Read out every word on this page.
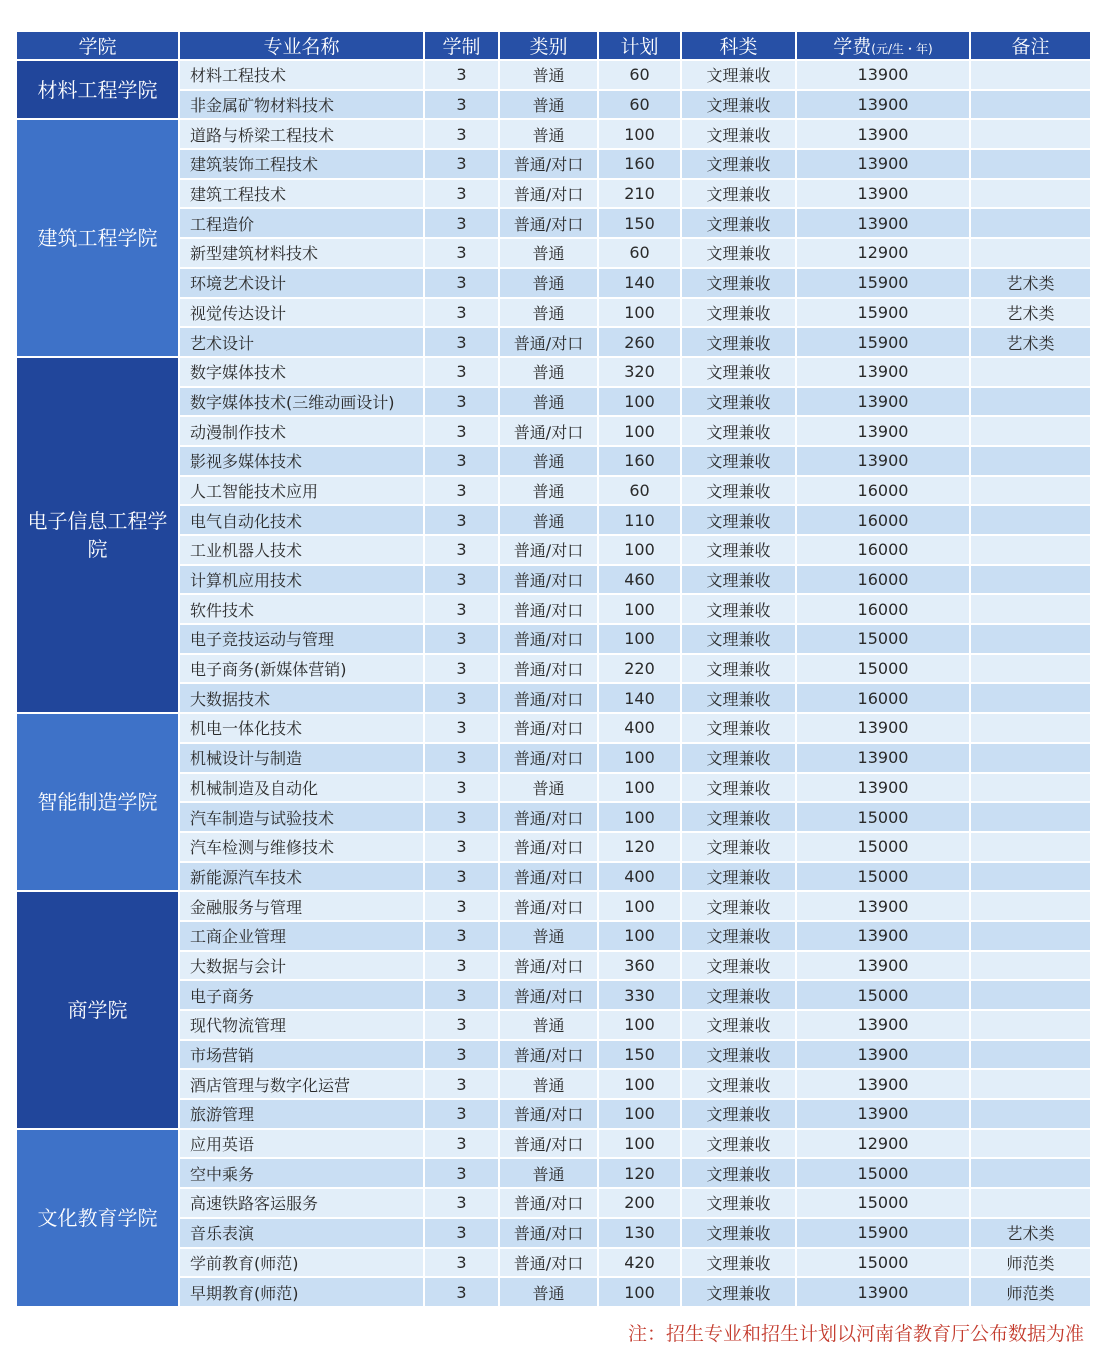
学院	专业名称	学制	类别	计划	科类	学费(元/生・年)	备注
材料工程学院	材料工程技术	3	普通	60	文理兼收	13900	
	非金属矿物材料技术	3	普通	60	文理兼收	13900	
建筑工程学院	道路与桥梁工程技术	3	普通	100	文理兼收	13900	
	建筑装饰工程技术	3	普通/对口	160	文理兼收	13900	
	建筑工程技术	3	普通/对口	210	文理兼收	13900	
	工程造价	3	普通/对口	150	文理兼收	13900	
	新型建筑材料技术	3	普通	60	文理兼收	12900	
	环境艺术设计	3	普通	140	文理兼收	15900	艺术类
	视觉传达设计	3	普通	100	文理兼收	15900	艺术类
	艺术设计	3	普通/对口	260	文理兼收	15900	艺术类
电子信息工程学院	数字媒体技术	3	普通	320	文理兼收	13900	
	数字媒体技术(三维动画设计)	3	普通	100	文理兼收	13900	
	动漫制作技术	3	普通/对口	100	文理兼收	13900	
	影视多媒体技术	3	普通	160	文理兼收	13900	
	人工智能技术应用	3	普通	60	文理兼收	16000	
	电气自动化技术	3	普通	110	文理兼收	16000	
	工业机器人技术	3	普通/对口	100	文理兼收	16000	
	计算机应用技术	3	普通/对口	460	文理兼收	16000	
	软件技术	3	普通/对口	100	文理兼收	16000	
	电子竞技运动与管理	3	普通/对口	100	文理兼收	15000	
	电子商务(新媒体营销)	3	普通/对口	220	文理兼收	15000	
	大数据技术	3	普通/对口	140	文理兼收	16000	
智能制造学院	机电一体化技术	3	普通/对口	400	文理兼收	13900	
	机械设计与制造	3	普通/对口	100	文理兼收	13900	
	机械制造及自动化	3	普通	100	文理兼收	13900	
	汽车制造与试验技术	3	普通/对口	100	文理兼收	15000	
	汽车检测与维修技术	3	普通/对口	120	文理兼收	15000	
	新能源汽车技术	3	普通/对口	400	文理兼收	15000	
商学院	金融服务与管理	3	普通/对口	100	文理兼收	13900	
	工商企业管理	3	普通	100	文理兼收	13900	
	大数据与会计	3	普通/对口	360	文理兼收	13900	
	电子商务	3	普通/对口	330	文理兼收	15000	
	现代物流管理	3	普通	100	文理兼收	13900	
	市场营销	3	普通/对口	150	文理兼收	13900	
	酒店管理与数字化运营	3	普通	100	文理兼收	13900	
	旅游管理	3	普通/对口	100	文理兼收	13900	
文化教育学院	应用英语	3	普通/对口	100	文理兼收	12900	
	空中乘务	3	普通	120	文理兼收	15000	
	高速铁路客运服务	3	普通/对口	200	文理兼收	15000	
	音乐表演	3	普通/对口	130	文理兼收	15900	艺术类
	学前教育(师范)	3	普通/对口	420	文理兼收	15000	师范类
	早期教育(师范)	3	普通	100	文理兼收	13900	师范类
注：招生专业和招生计划以河南省教育厅公布数据为准
